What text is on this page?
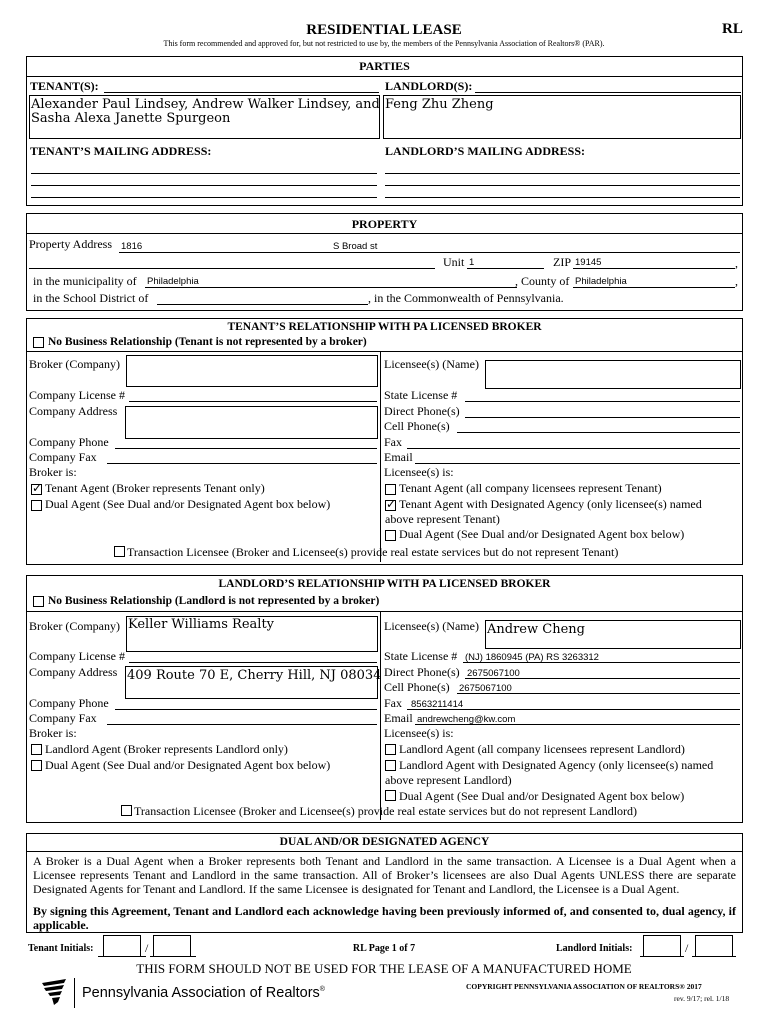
RESIDENTIAL LEASE	RL
This form recommended and approved for, but not restricted to use by, the members of the Pennsylvania Association of Realtors® (PAR).
PARTIES
TENANT(S):	LANDLORD(S):
Alexander Paul Lindsey, Andrew Walker Lindsey, and
Sasha Alexa Janette Spurgeon
Feng Zhu Zheng
TENANT’S MAILING ADDRESS:	LANDLORD’S MAILING ADDRESS:
PROPERTY
Property Address 1816	S Broad st
Unit 1	ZIP 19145	,
in the municipality of Philadelphia	, County of Philadelphia	,
in the School District of	, in the Commonwealth of Pennsylvania.
TENANT’S RELATIONSHIP WITH PA LICENSED BROKER
No Business Relationship (Tenant is not represented by a broker)
Broker (Company)	Licensee(s) (Name)
Company License #	State License #
Company Address	Direct Phone(s)
Cell Phone(s)
Company Phone	Fax
Company Fax	Email
Broker is:	Licensee(s) is:
✓
Tenant Agent (Broker represents Tenant only)
Dual Agent (See Dual and/or Designated Agent box below)
Tenant Agent (all company licensees represent Tenant)
✓
Tenant Agent with Designated Agency (only licensee(s) named
above represent Tenant)
Dual Agent (See Dual and/or Designated Agent box below)
Transaction Licensee (Broker and Licensee(s) provide real estate services but do not represent Tenant)
LANDLORD’S RELATIONSHIP WITH PA LICENSED BROKER
No Business Relationship (Landlord is not represented by a broker)
Broker (Company) Keller Williams Realty	Licensee(s) (Name) Andrew Cheng
Company License #	State License # (NJ) 1860945 (PA) RS 3263312
Company Address 409 Route 70 E, Cherry Hill, NJ 08034 Direct Phone(s) 2675067100
Cell Phone(s) 2675067100
Company Phone	Fax 8563211414
Company Fax	Email andrewcheng@kw.com
Broker is:	Licensee(s) is:
Landlord Agent (Broker represents Landlord only)
Dual Agent (See Dual and/or Designated Agent box below)
Landlord Agent (all company licensees represent Landlord)
Landlord Agent with Designated Agency (only licensee(s) named
above represent Landlord)
Dual Agent (See Dual and/or Designated Agent box below)
Transaction Licensee (Broker and Licensee(s) provide real estate services but do not represent Landlord)
DUAL AND/OR DESIGNATED AGENCY
A Broker is a Dual Agent when a Broker represents both Tenant and Landlord in the same transaction. A Licensee is a Dual Agent when a Licensee represents Tenant and Landlord in the same transaction. All of Broker’s licensees are also Dual Agents UNLESS there are separate Designated Agents for Tenant and Landlord. If the same Licensee is designated for Tenant and Landlord, the Licensee is a Dual Agent.
By signing this Agreement, Tenant and Landlord each acknowledge having been previously informed of, and consented to, dual agency, if applicable.
Tenant Initials:	/	RL Page 1 of 7	Landlord Initials:	/
THIS FORM SHOULD NOT BE USED FOR THE LEASE OF A MANUFACTURED HOME
Pennsylvania Association of Realtors®	COPYRIGHT PENNSYLVANIA ASSOCIATION OF REALTORS® 2017
rev. 9/17; rel. 1/18
